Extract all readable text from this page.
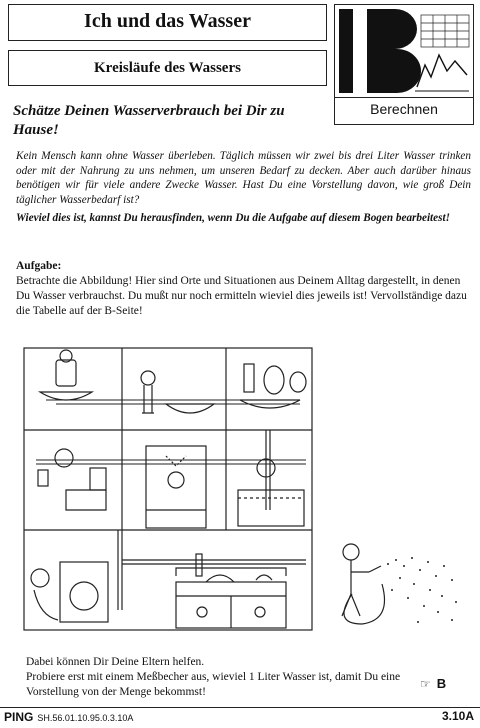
Ich und das Wasser
Kreisläufe des Wassers
Berechnen
Schätze Deinen Wasserverbrauch bei Dir zu Hause!
Kein Mensch kann ohne Wasser überleben. Täglich müssen wir zwei bis drei Liter Wasser trinken oder mit der Nahrung zu uns nehmen, um unseren Bedarf zu decken. Aber auch darüber hinaus benötigen wir für viele andere Zwecke Wasser. Hast Du eine Vorstellung davon, wie groß Dein täglicher Wasserbedarf ist?
Wieviel dies ist, kannst Du herausfinden, wenn Du die Aufgabe auf diesem Bogen bearbeitest!
Aufgabe:
Betrachte die Abbildung! Hier sind Orte und Situationen aus Deinem Alltag dargestellt, in denen Du Wasser verbrauchst. Du mußt nur noch ermitteln wieviel dies jeweils ist! Vervollständige dazu die Tabelle auf der B-Seite!
Dabei können Dir Deine Eltern helfen.
Probiere erst mit einem Meßbecher aus, wieviel 1 Liter Wasser ist, damit Du eine Vorstellung von der Menge bekommst!
☞ B
PING SH.56.01.10.95.0.3.10A	3.10A
